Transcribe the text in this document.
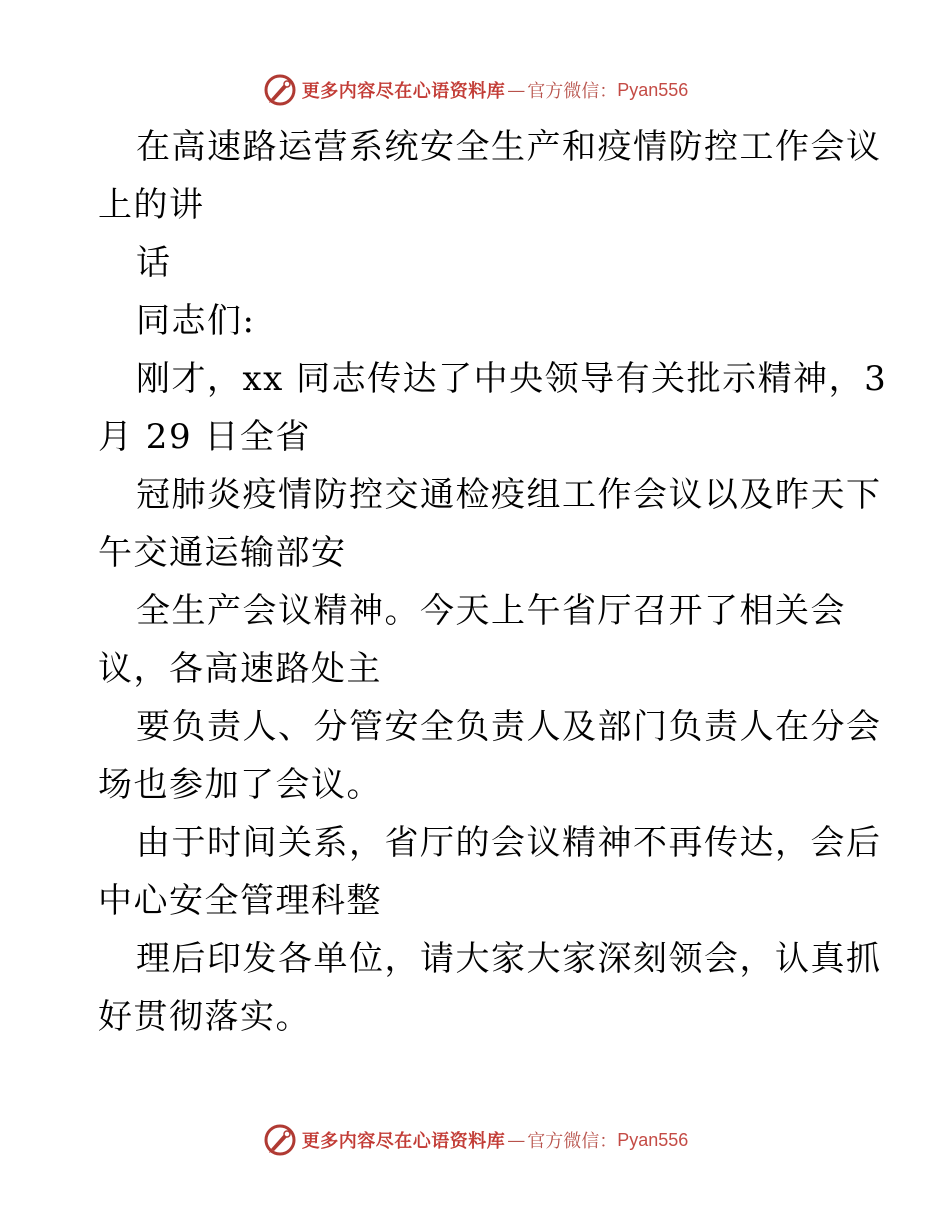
更多内容尽在心语资料库 — 官方微信： Pyan556
在高速路运营系统安全生产和疫情防控工作会议
上的讲
话
同志们:
刚才，xx 同志传达了中央领导有关批示精神，3
月 29 日全省
冠肺炎疫情防控交通检疫组工作会议以及昨天下
午交通运输部安
全生产会议精神。今天上午省厅召开了相关会
议，各高速路处主
要负责人、分管安全负责人及部门负责人在分会
场也参加了会议。
由于时间关系，省厅的会议精神不再传达，会后
中心安全管理科整
理后印发各单位，请大家大家深刻领会，认真抓
好贯彻落实。
更多内容尽在心语资料库 — 官方微信： Pyan556
